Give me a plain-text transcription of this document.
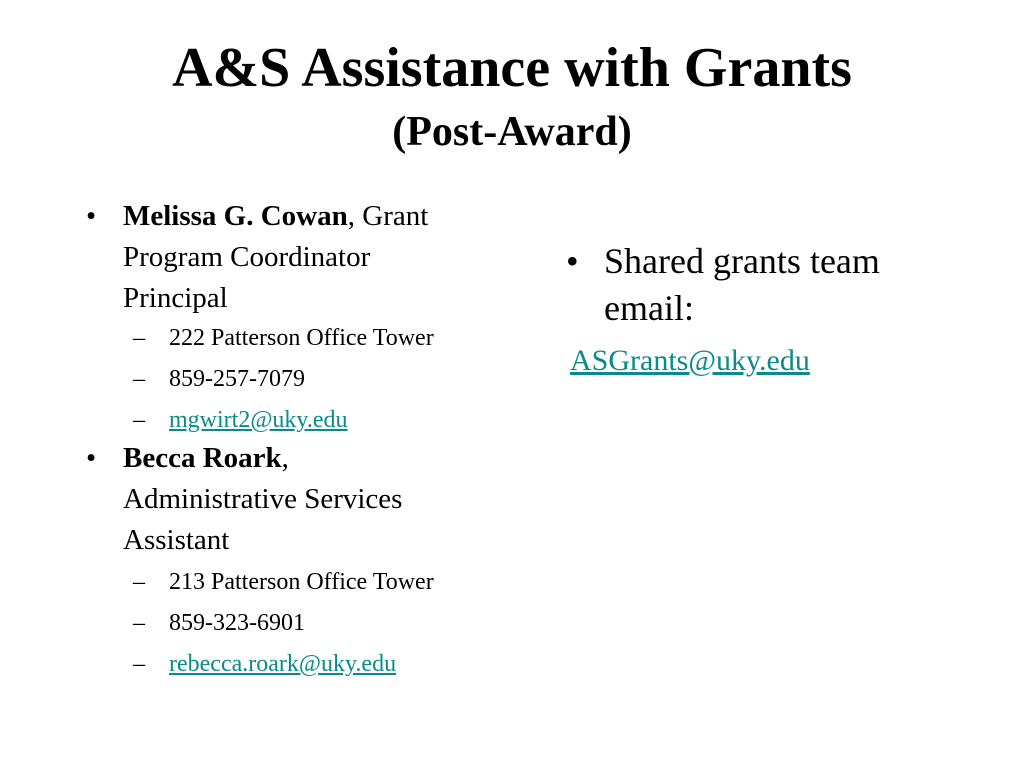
A&S Assistance with Grants
(Post-Award)
• Melissa G. Cowan, Grant
Program Coordinator
Principal
– 222 Patterson Office Tower
– 859-257-7079
– mgwirt2@uky.edu
• Becca Roark,
Administrative Services
Assistant
– 213 Patterson Office Tower
– 859-323-6901
– rebecca.roark@uky.edu
• Shared grants team
email:
ASGrants@uky.edu
